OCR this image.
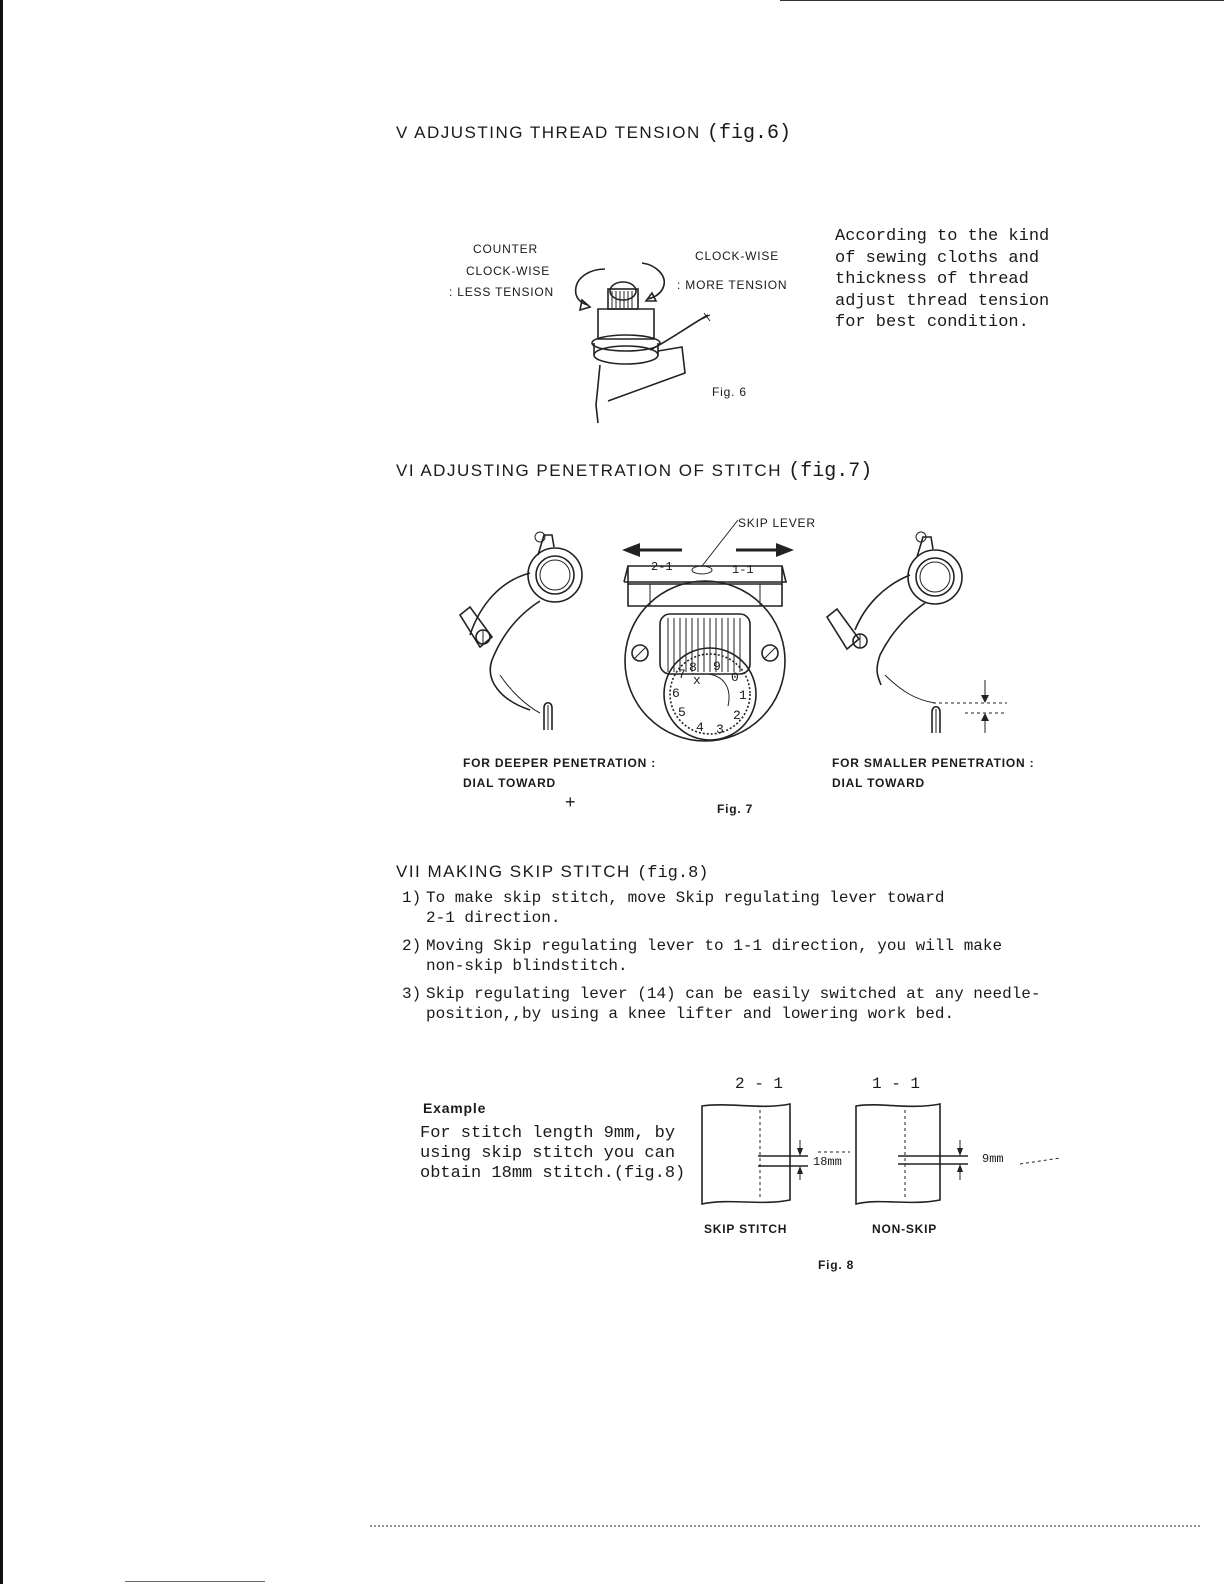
V ADJUSTING THREAD TENSION (fig.6)
COUNTER
CLOCK-WISE
: LESS TENSION
CLOCK-WISE
: MORE TENSION
Fig. 6
According to the kind
of sewing cloths and
thickness of thread
adjust thread tension
for best condition.
VI ADJUSTING PENETRATION OF STITCH (fig.7)
SKIP LEVER
2-1	1-1
8 9
0
1
2
3
4
5
6
7 x
FOR DEEPER PENETRATION :
DIAL TOWARD
+
FOR SMALLER PENETRATION :
DIAL TOWARD
Fig. 7
VII MAKING SKIP STITCH (fig.8)
1) To make skip stitch, move Skip regulating lever toward
2-1 direction.
2) Moving Skip regulating lever to 1-1 direction, you will make
non-skip blindstitch.
3) Skip regulating lever (14) can be easily switched at any needle-
position,,by using a knee lifter and lowering work bed.
Example
For stitch length 9mm, by
using skip stitch you can
obtain 18mm stitch.(fig.8)
2 - 1	1 - 1
18mm	9mm
SKIP STITCH	NON-SKIP
Fig. 8
